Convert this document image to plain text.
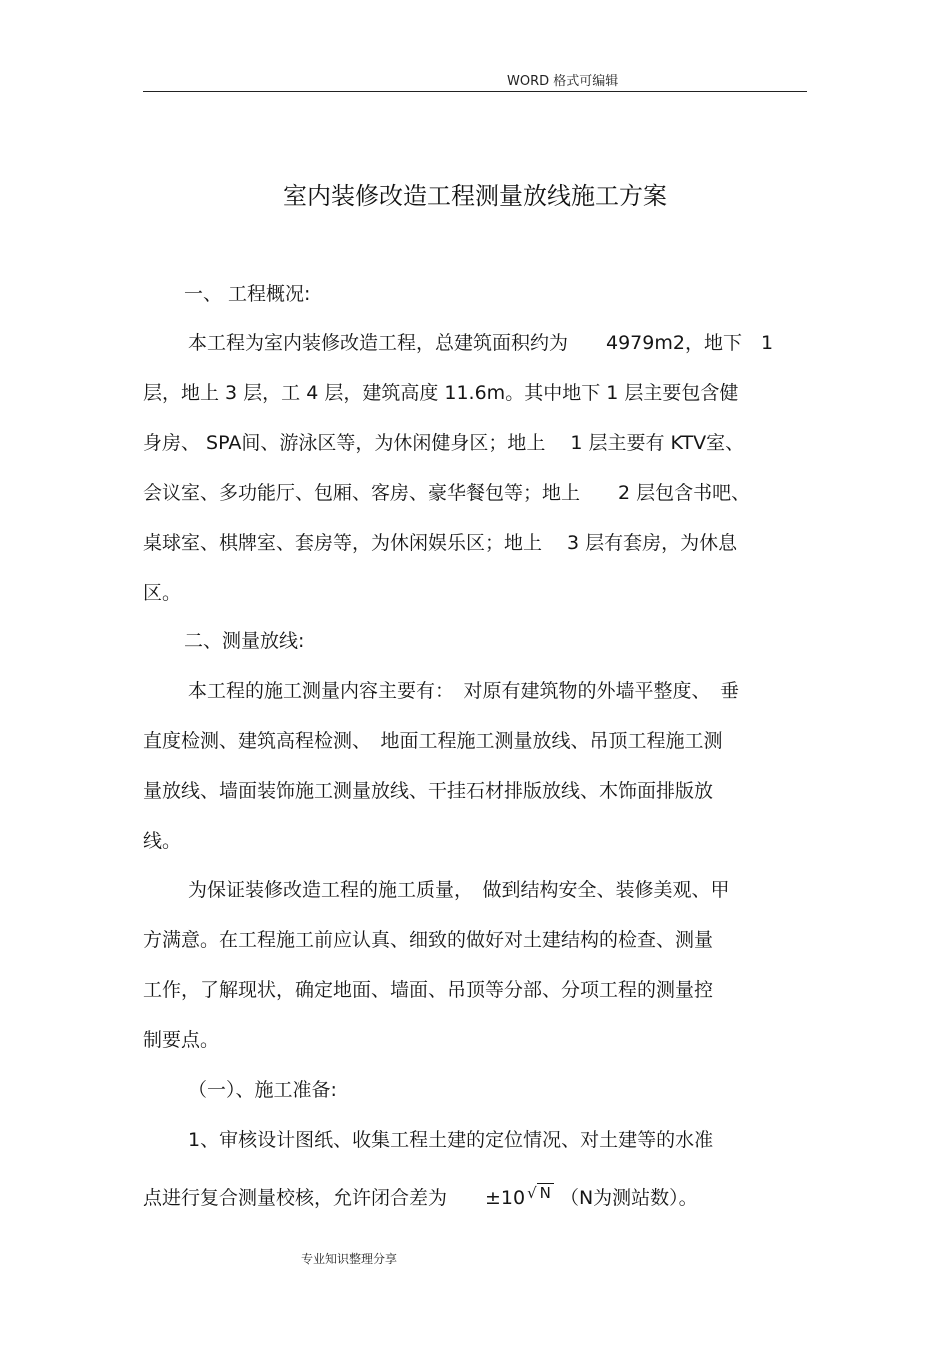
WORD 格式可编辑
室内装修改造工程测量放线施工方案
一、 工程概况:
本工程为室内装修改造工程，总建筑面积约为　　4979m2，地下　1
层，地上 3 层，工 4 层，建筑高度 11.6m。其中地下 1 层主要包含健
身房、 SPA间、游泳区等，为休闲健身区；地上　 1 层主要有 KTV室、
会议室、多功能厅、包厢、客房、豪华餐包等；地上　　2 层包含书吧、
桌球室、棋牌室、套房等，为休闲娱乐区；地上　 3 层有套房，为休息
区。
二、测量放线:
本工程的施工测量内容主要有：　对原有建筑物的外墙平整度、　垂
直度检测、建筑高程检测、　地面工程施工测量放线、吊顶工程施工测
量放线、墙面装饰施工测量放线、干挂石材排版放线、木饰面排版放
线。
为保证装修改造工程的施工质量，　做到结构安全、装修美观、甲
方满意。在工程施工前应认真、细致的做好对土建结构的检查、测量
工作，了解现状，确定地面、墙面、吊顶等分部、分项工程的测量控
制要点。
（一）、施工准备:
1、审核设计图纸、收集工程土建的定位情况、对土建等的水准
点进行复合测量校核，允许闭合差为　　±10 √ N （N为测站数）。
专业知识整理分享
